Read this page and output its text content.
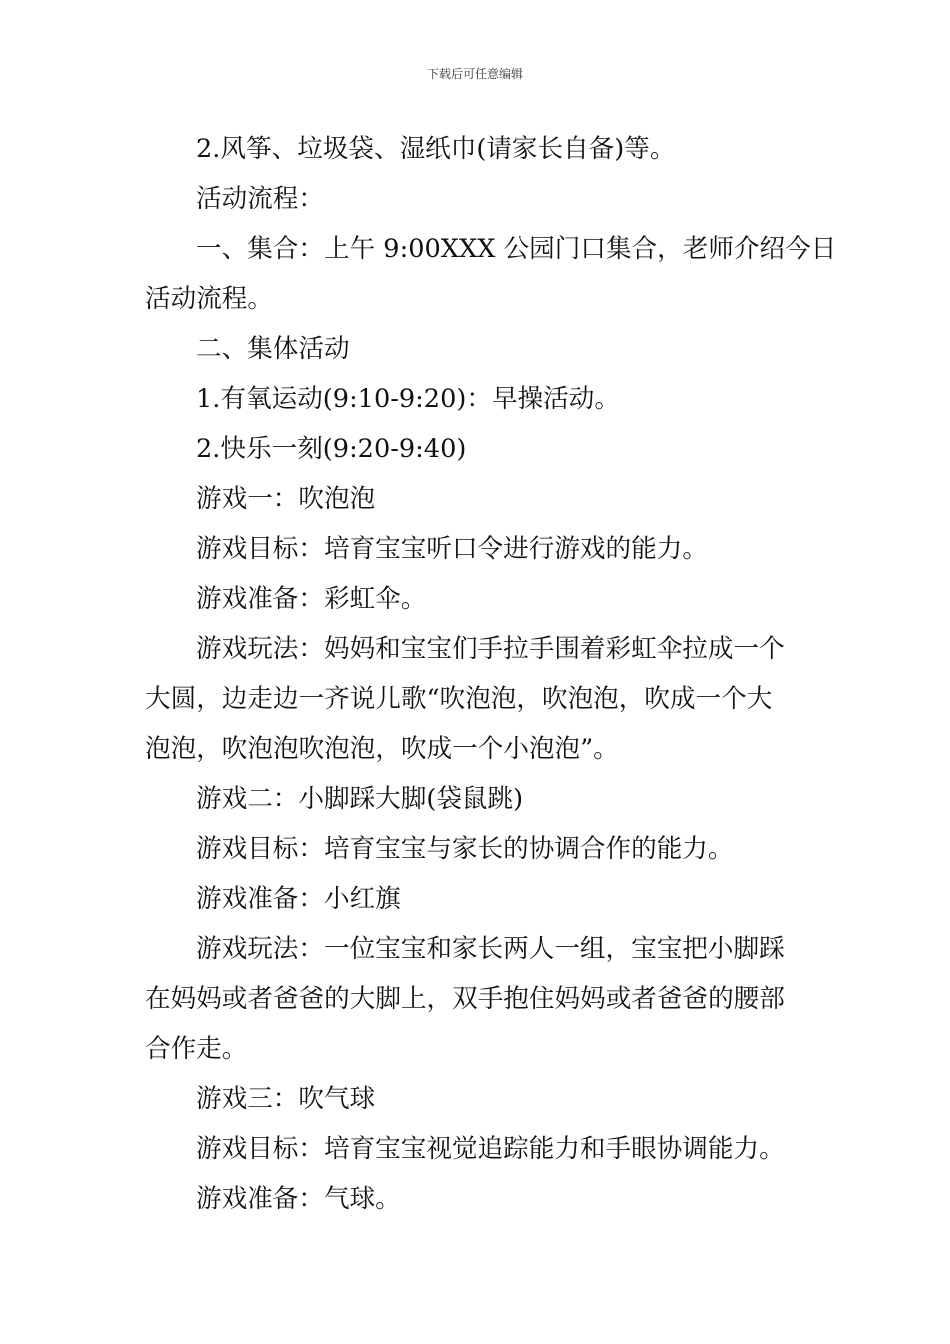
下载后可任意编辑

2.风筝、垃圾袋、湿纸巾(请家长自备)等。

活动流程：

一、集合：上午 9:00XXX 公园门口集合，老师介绍今日

活动流程。

二、集体活动

1.有氧运动(9:10-9:20)：早操活动。

2.快乐一刻(9:20-9:40)

游戏一：吹泡泡

游戏目标：培育宝宝听口令进行游戏的能力。

游戏准备：彩虹伞。

游戏玩法：妈妈和宝宝们手拉手围着彩虹伞拉成一个

大圆，边走边一齐说儿歌“吹泡泡，吹泡泡，吹成一个大

泡泡，吹泡泡吹泡泡，吹成一个小泡泡”。

游戏二：小脚踩大脚(袋鼠跳)

游戏目标：培育宝宝与家长的协调合作的能力。

游戏准备：小红旗

游戏玩法：一位宝宝和家长两人一组，宝宝把小脚踩

在妈妈或者爸爸的大脚上，双手抱住妈妈或者爸爸的腰部

合作走。

游戏三：吹气球

游戏目标：培育宝宝视觉追踪能力和手眼协调能力。

游戏准备：气球。
